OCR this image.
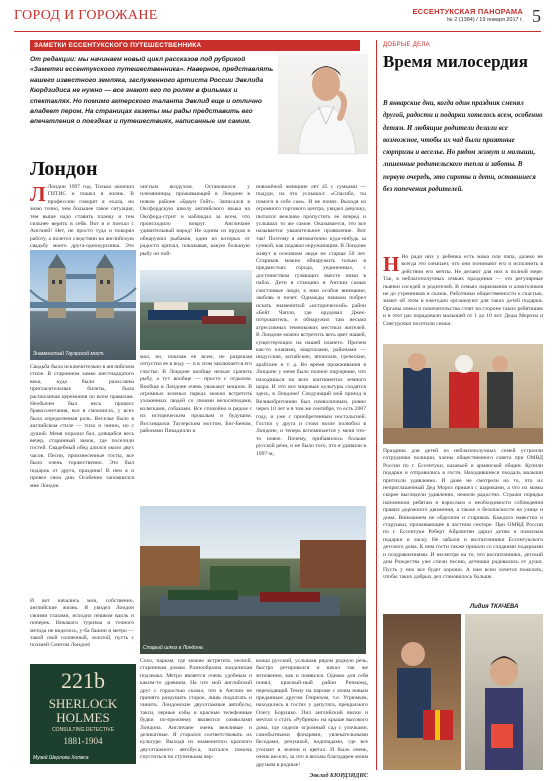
ГОРОД И ГОРОЖАНЕ	ЕССЕНТУКСКАЯ ПАНОРАМА
№ 2 (1384) / 19 января 2017 г. 5
ЗАМЕТКИ ЕССЕНТУКСКОГО ПУТЕШЕСТВЕННИКА
От редакции: мы начинаем новый цикл рассказов под рубрикой «Заметки ессентукского путешественника». Наверное, представлять нашего известного земляка, заслуженного артиста России Эвклида Кюрдзидиса не нужно — все знают его по ролям в фильмах и спектаклях. Но помимо актерского таланта Эвклид еще и отлично владеет пером. На страницах газеты мы рады представить его впечатления о поездках и путешествиях, написанные им самим.
Лондон
Л Лондон 1997 год. Только окончил ГИТИС и пошел в жизнь. В профессию говорят я ехала, но знаю точно, чем большее такое ситуация, тем выше надо ставить планку и тем сильнее верить в себя. Вот я и поехал с Англией! Нет, не просто туда и покорял работу, а полетел следствии на английскую свадьбу моего друга-однокурсника. Это
чистым воздухом. Остановился у племянницы, проживающей в Лондоне в новом районе «Браун Гейт». Записался в Оксфордскую школу английского языка на Оксфорд-стрит и наблюдал за всем, что происходило вокруг. Англичане удивительный народ! Не одним из прудов в обнаружил рыбаков, один из которых от радости кричал, показывая, какую большую рыбу он пой-
новожёной женщине лет 45 с сумками — подуди, на что услышал: «Спасибо, ты помоги я себе сам». И не понял. Выходя из огромного торгового центра, увидел девушку, пытался вежливо пропустить ее вперед и услышал то же самое. Оказывается, это все называется уважительное проявление. Вот так! Поэтому я автоматично куда-нибудь за сумкой, как подавал окружающим. В Лондоне живут в основном люди не старше 50 лет. Стариков можно обнаружить только в предместьях города, уединенных, с достоинством гуляющих вместе ними в пабах. Дети в станциях в Англии самые счастливые люди, к ним особое внимание, любовь и почет. Однажды пешком побрел искать знаменитый «исторический» район «Бейт Чапли, где орудовал Джек-потрошитель, и обнаружил там весьма агрессивных темнокожих местных жителей. В Лондоне можно встретить весь цвет нашей, существующих на нашей планете. Причем как-то кланами, кварталами, районами — индусские, китайские, японские, греческие, арабские и т. д. Во время прожживания в Лондоне у меня было полное ощущение, что находишься на всех континентах земного шара. И что все мировые культуры сходятся здесь, в Лондоне! Следующий мой приезд в Великобританию был символичным, ровно через 10 лет и в том же сентябре, то есть 2007 году, и уже с приобретенным ностальгией. Гостил у друга и стоял возле полюбил в Лондоне, и теперь вспоминается у меня что-то новое. Почему, прибавилось больше русской речи, и не было того, что я удивили в 1997-м,
Знаменитый Тауэрский мост.
Свадьба была исключительно в английском стиле. В старинном замке шестнадцатого века, куда были разосланы пригласительные билеты, была расписанная церемония по всем правилам. Необычен был весь процесс бракосочетания, все в смокингах, у всех была определенная роль. Веселье было в английском стиле — тихо и чинно, но с душой. Меня поразил бал, длящийся весь вечер, старинный замок, где поселили гостей. Свадебный обед длился около двух часов. Песни, произнесенные тосты, все было очень торжественно. Это был подарок от друга, праздник! В нем я и провел свои дни. Особенно запомнился мне Лондон.
И вот начались мои, собственно, английские жизнь. Я увидел Лондон своими глазами, исходил пешком вдоль и поперек. Никакого туризма и точного метода не виделось, у-ба башни и метро — такой свой солнечный, золотой, пусть с поэзией Смитом Лондон!
мал, но, показав ее всем, не разрешая отпустил ее в воду — и в этом заключается его счастье. В Лондоне вообще нельзя хранить рыбу, а тут вообще — просто с отдыхом. Вообще в Лондоне очень уважают моцион. В огромных зеленых парках можно встретить ухоженных людей со своими велосипедами, колясками, собаками. Все спокойно и рядом с их историческим прошлым и будущим. Восхищался Таузерским мостом, Биг-Беном, районами Пикадилли и
Старый шлюз в Лондоне.
221b
SHERLOCK
HOLMES
CONSULTING DETECTIVE
1881-1904
Музей Шерлока Холмса
Сохо, паркам, где можно встретить лесной, старинным домам. Разнообразна лондонская подземка. Метро является очень удобным и каким-то древним. На что мой английский друг с гордостью сказал, что в Англии не принято разрушать старое, лишь подлатать и чинить. Лондонские двухэтажные автобусы, такси, черные кэбы и красные телефонные будки по-прежнему являются символами Лондона. Англичане очень вежливые и деликатные. Я старался соответствовать их культуре. Выходя из знаменитого красного двухэтажного автобуса, пытался помочь спуститься по ступенькам чер-
конца русский, услышав рядом родную речь, быстро ретировался и начал так же мгновенно, как и появился. Однако для себя понял, красный-ный район Ричмонд, переходящий Темзу на пароме с моим новым преданным другом Генрихом, т.е. Угрюмым, находились в гостях у депутата, прекрасного Олегу Борушко. Пил английский виски и мечтал о стать «Рубрики» на крыше высокого дома, где сидели огромный сад с улочками, самобытными фонарями, увлекательными беседами, речушкой, водопадами, где все утопает в зелени и цветах. И было очень, очень весело, за что я весьма благодарен моим друзьям в родные!
Эвклид КЮРДЗИДИС
ДОБРЫЕ ДЕЛА
Время милосердия
В январские дни, когда один праздник сменял другой, радости и подарки хотелось всем, особенно детям. И любящие родители делали все возможное, чтобы их чад были приятные сюрпризы и веселье. Но рядом живут и малыши, лишенные родительского тепла и заботы. В первую очередь, это сироты и дети, оставшиеся без попечения родителей.
Н Но ради них у ребенка есть мама или папа, далеко не всегда это означает, что они понимают его и исполнить в действии его мечты. Не делают для них в полной мере. Так, в неблагополучных семьях праздники — это регулярные пьянки соседей и родителей. В семьях наркоманов и алкоголиков не до утренников и сказок. Работники общественности к счастью, знают об этом и ежегодно организуют для таких детей подарки. Органы опеки и попечительства стоят на стороне таких ребятишек и в этот раз порадовали малышей от 1 до 10 лет. Деды Морозы и Снегурочки посетили семьи.
Праздник для детей из неблагополучных семей устроили сотрудники полиции, члены общественного совета при ОМВД России по г. Ессентуки, казачьей и армянской общин. Купили подарки и отправились в гости. Находившиеся поодаль малыши притихли удивленно. И даже не смотрели на то, что их неприглашенный Дед Мороз пришел с шариками, а что их мамы скорее выглядели удивленно, нежели радостно. Стражи порядка напомнили ребятам и взрослым о необходимости соблюдения правил дорожного движения, а также о безопасности на улице и дома. Вниманием не обделили и стариков. Каждого навестил и старушки, проживающие в частном секторе. При ОМВД России по г. Ессентуки Роберт Айрапетян дарил детям и пожилым подарки и ласку. Не забыли и воспитанники Ессентукского детского дома. К ним гости также пришли со сладкими подарками и поздравлениями. И несмотря на то, что воспитанники, детский дом Рождества уже спели песню, детишки радовались от души. Пусть у них все будет хорошо. А нам всем хочется пожелать, чтобы таких добрых дел становилось больше.
Лидия ТКАЧЕВА
